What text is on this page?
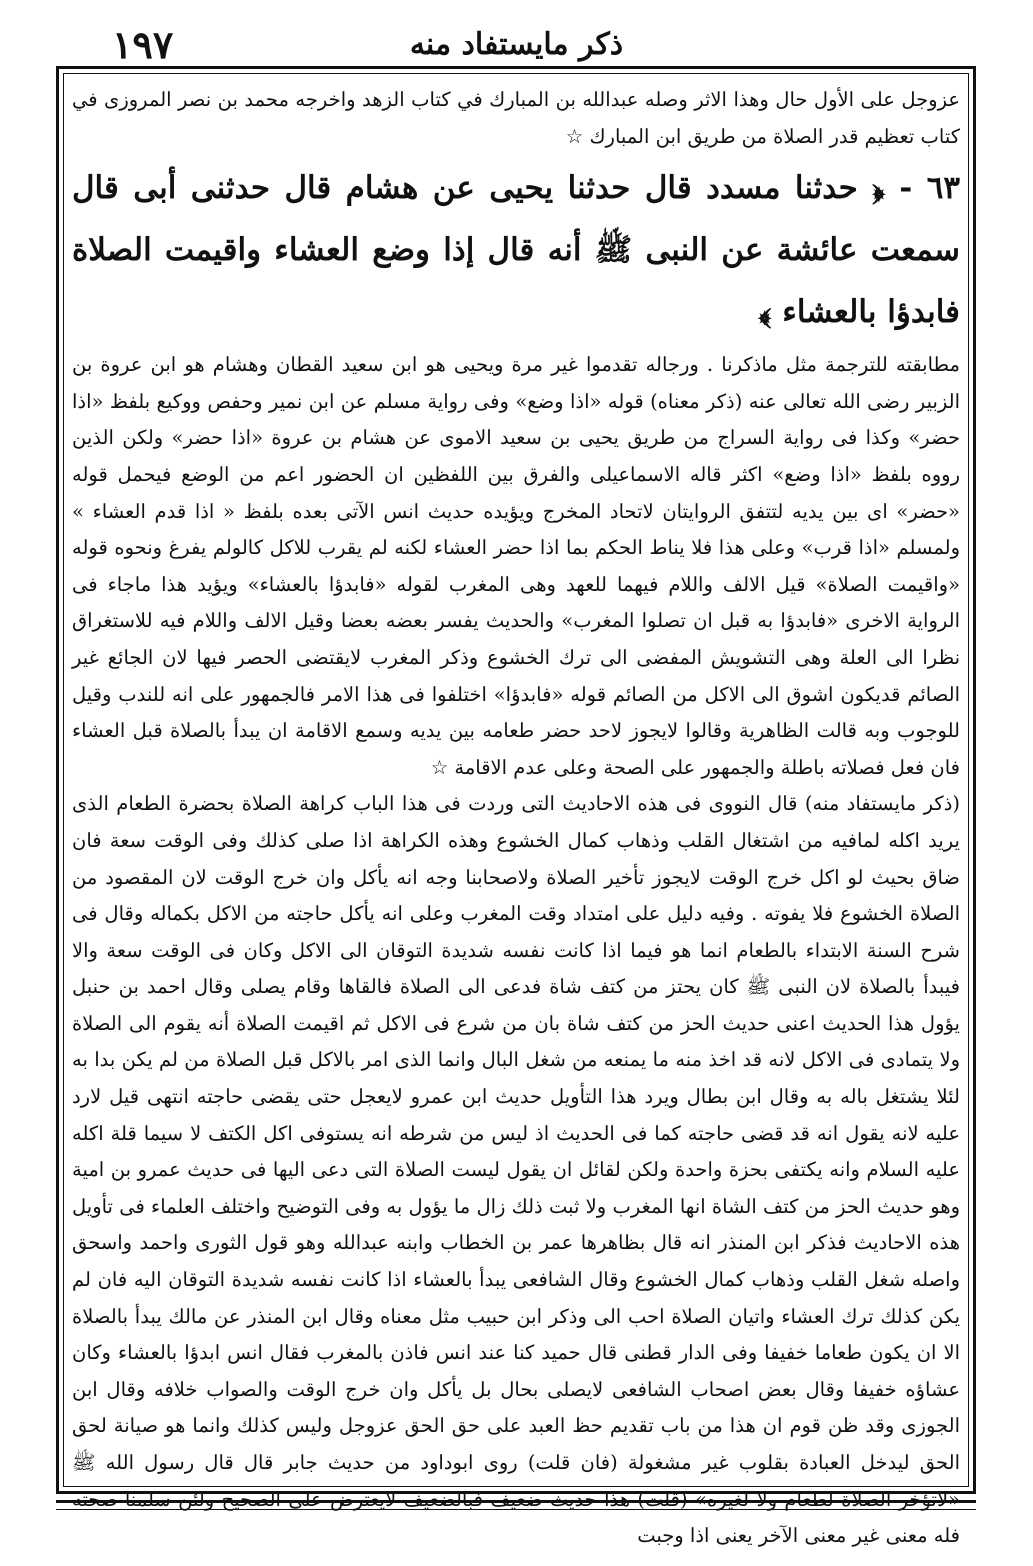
١٩٧	ذكر مايستفاد منه

عزوجل على الأول حال وهذا الاثر وصله عبدالله بن المبارك في كتاب الزهد واخرجه محمد بن نصر المروزى في كتاب تعظيم قدر الصلاة من طريق ابن المبارك ☆

٦٣ - ﴿ حدثنا مسدد قال حدثنا يحيى عن هشام قال حدثنى أبى قال سمعت عائشة عن النبى ﷺ أنه قال إذا وضع العشاء واقيمت الصلاة فابدؤا بالعشاء ﴾

مطابقته للترجمة مثل ماذكرنا . ورجاله تقدموا غير مرة ويحيى هو ابن سعيد القطان وهشام هو ابن عروة بن الزبير رضى الله تعالى عنه (ذكر معناه) قوله «اذا وضع» وفى رواية مسلم عن ابن نمير وحفص ووكيع بلفظ «اذا حضر» وكذا فى رواية السراج من طريق يحيى بن سعيد الاموى عن هشام بن عروة «اذا حضر» ولكن الذين رووه بلفظ «اذا وضع» اكثر قاله الاسماعيلى والفرق بين اللفظين ان الحضور اعم من الوضع فيحمل قوله «حضر» اى بين يديه لتتفق الروايتان لاتحاد المخرج ويؤيده حديث انس الآتى بعده بلفظ « اذا قدم العشاء » ولمسلم «اذا قرب» وعلى هذا فلا يناط الحكم بما اذا حضر العشاء لكنه لم يقرب للاكل كالولم يفرغ ونحوه قوله «واقيمت الصلاة» قيل الالف واللام فيهما للعهد وهى المغرب لقوله «فابدؤا بالعشاء» ويؤيد هذا ماجاء فى الرواية الاخرى «فابدؤا به قبل ان تصلوا المغرب» والحديث يفسر بعضه بعضا وقيل الالف واللام فيه للاستغراق نظرا الى العلة وهى التشويش المفضى الى ترك الخشوع وذكر المغرب لايقتضى الحصر فيها لان الجائع غير الصائم قديكون اشوق الى الاكل من الصائم قوله «فابدؤا» اختلفوا فى هذا الامر فالجمهور على انه للندب وقيل للوجوب وبه قالت الظاهرية وقالوا لايجوز لاحد حضر طعامه بين يديه وسمع الاقامة ان يبدأ بالصلاة قبل العشاء فان فعل فصلاته باطلة والجمهور على الصحة وعلى عدم الاقامة ☆

(ذكر مايستفاد منه) قال النووى فى هذه الاحاديث التى وردت فى هذا الباب كراهة الصلاة بحضرة الطعام الذى يريد اكله لمافيه من اشتغال القلب وذهاب كمال الخشوع وهذه الكراهة اذا صلى كذلك وفى الوقت سعة فان ضاق بحيث لو اكل خرج الوقت لايجوز تأخير الصلاة ولاصحابنا وجه انه يأكل وان خرج الوقت لان المقصود من الصلاة الخشوع فلا يفوته . وفيه دليل على امتداد وقت المغرب وعلى انه يأكل حاجته من الاكل بكماله وقال فى شرح السنة الابتداء بالطعام انما هو فيما اذا كانت نفسه شديدة التوقان الى الاكل وكان فى الوقت سعة والا فيبدأ بالصلاة لان النبى ﷺ كان يحتز من كتف شاة فدعى الى الصلاة فالقاها وقام يصلى وقال احمد بن حنبل يؤول هذا الحديث اعنى حديث الحز من كتف شاة بان من شرع فى الاكل ثم اقيمت الصلاة أنه يقوم الى الصلاة ولا يتمادى فى الاكل لانه قد اخذ منه ما يمنعه من شغل البال وانما الذى امر بالاكل قبل الصلاة من لم يكن بدا به لئلا يشتغل باله به وقال ابن بطال ويرد هذا التأويل حديث ابن عمرو لايعجل حتى يقضى حاجته انتهى قيل لارد عليه لانه يقول انه قد قضى حاجته كما فى الحديث اذ ليس من شرطه انه يستوفى اكل الكتف لا سيما قلة اكله عليه السلام وانه يكتفى بحزة واحدة ولكن لقائل ان يقول ليست الصلاة التى دعى اليها فى حديث عمرو بن امية وهو حديث الحز من كتف الشاة انها المغرب ولا ثبت ذلك زال ما يؤول به وفى التوضيح واختلف العلماء فى تأويل هذه الاحاديث فذكر ابن المنذر انه قال بظاهرها عمر بن الخطاب وابنه عبدالله وهو قول الثورى واحمد واسحق واصله شغل القلب وذهاب كمال الخشوع وقال الشافعى يبدأ بالعشاء اذا كانت نفسه شديدة التوقان اليه فان لم يكن كذلك ترك العشاء واتيان الصلاة احب الى وذكر ابن حبيب مثل معناه وقال ابن المنذر عن مالك يبدأ بالصلاة الا ان يكون طعاما خفيفا وفى الدار قطنى قال حميد كنا عند انس فاذن بالمغرب فقال انس ابدؤا بالعشاء وكان عشاؤه خفيفا وقال بعض اصحاب الشافعى لايصلى بحال بل يأكل وان خرج الوقت والصواب خلافه وقال ابن الجوزى وقد ظن قوم ان هذا من باب تقديم حظ العبد على حق الحق عزوجل وليس كذلك وانما هو صيانة لحق الحق ليدخل العبادة بقلوب غير مشغولة (فان قلت) روى ابوداود من حديث جابر قال قال رسول الله ﷺ «لاتؤخر الصلاة لطعام ولا لغيره» (قلت) هذا حديث ضعيف فبالضعيف لايعترض على الصحيح ولئن سلمنا صحته فله معنى غير معنى الآخر يعنى اذا وجبت
